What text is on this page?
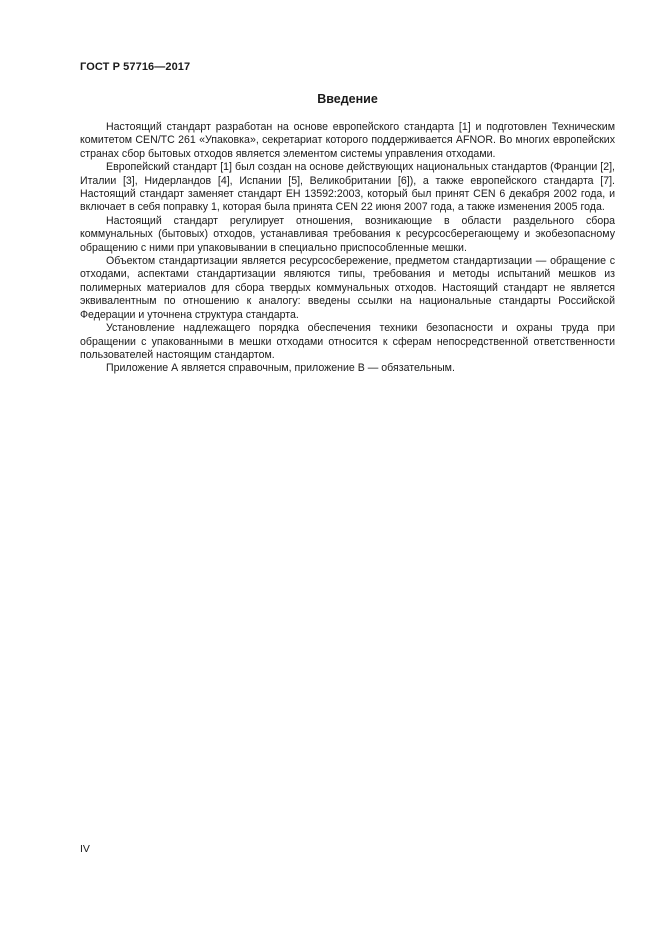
ГОСТ Р 57716—2017
Введение

Настоящий стандарт разработан на основе европейского стандарта [1] и подготовлен Техническим комитетом CEN/TC 261 «Упаковка», секретариат которого поддерживается AFNOR. Во многих европейских странах сбор бытовых отходов является элементом системы управления отходами.

Европейский стандарт [1] был создан на основе действующих национальных стандартов (Франции [2], Италии [3], Нидерландов [4], Испании [5], Великобритании [6]), а также европейского стандарта [7]. Настоящий стандарт заменяет стандарт ЕН 13592:2003, который был принят CEN 6 декабря 2002 года, и включает в себя поправку 1, которая была принята CEN 22 июня 2007 года, а также изменения 2005 года.

Настоящий стандарт регулирует отношения, возникающие в области раздельного сбора коммунальных (бытовых) отходов, устанавливая требования к ресурсосберегающему и экобезопасному обращению с ними при упаковывании в специально приспособленные мешки.

Объектом стандартизации является ресурсосбережение, предметом стандартизации — обращение с отходами, аспектами стандартизации являются типы, требования и методы испытаний мешков из полимерных материалов для сбора твердых коммунальных отходов. Настоящий стандарт не является эквивалентным по отношению к аналогу: введены ссылки на национальные стандарты Российской Федерации и уточнена структура стандарта.

Установление надлежащего порядка обеспечения техники безопасности и охраны труда при обращении с упакованными в мешки отходами относится к сферам непосредственной ответственности пользователей настоящим стандартом.

Приложение А является справочным, приложение В — обязательным.

IV
